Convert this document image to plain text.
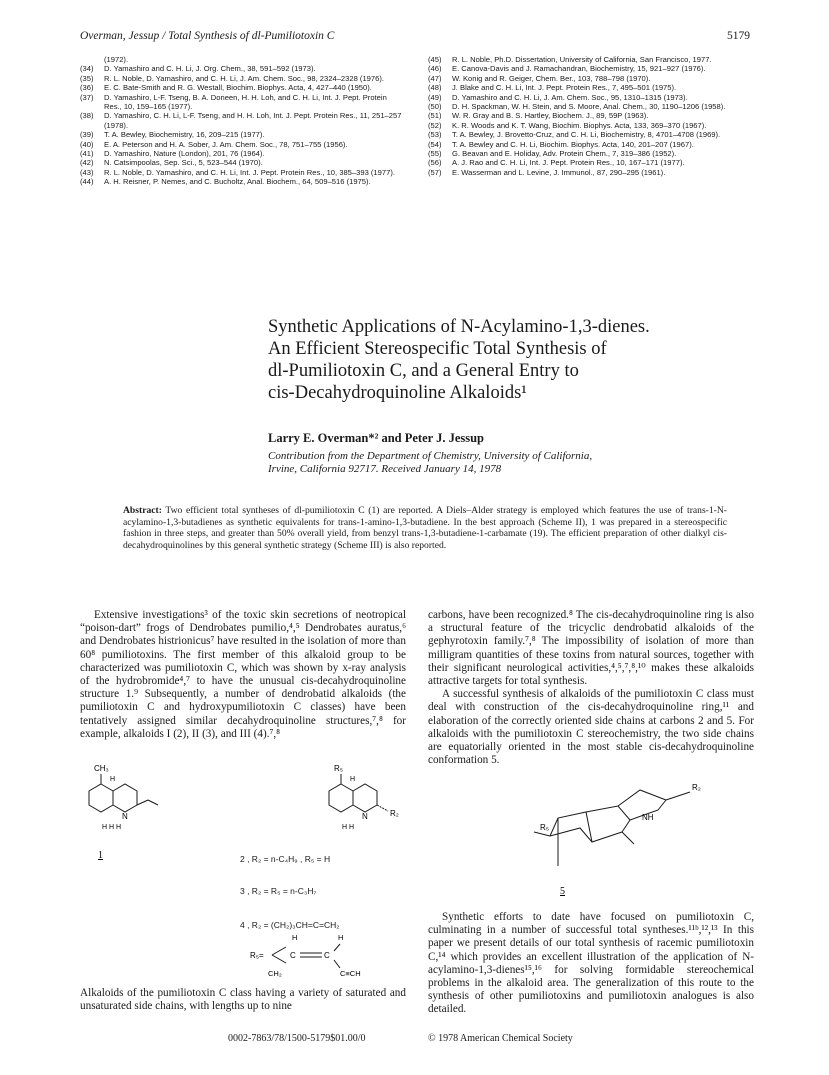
Overman, Jessup / Total Synthesis of dl-Pumiliotoxin C	5179
(1972).
(34)	D. Yamashiro and C. H. Li, J. Org. Chem., 38, 591–592 (1973).
(35)	R. L. Noble, D. Yamashiro, and C. H. Li, J. Am. Chem. Soc., 98, 2324–2328 (1976).
(36)	E. C. Bate-Smith and R. G. Westall, Biochim. Biophys. Acta, 4, 427–440 (1950).
(37)	D. Yamashiro, L-F. Tseng, B. A. Doneen, H. H. Loh, and C. H. Li, Int. J. Pept. Protein Res., 10, 159–165 (1977).
(38)	D. Yamashiro, C. H. Li, L-F. Tseng, and H. H. Loh, Int. J. Pept. Protein Res., 11, 251–257 (1978).
(39)	T. A. Bewley, Biochemistry, 16, 209–215 (1977).
(40)	E. A. Peterson and H. A. Sober, J. Am. Chem. Soc., 78, 751–755 (1956).
(41)	D. Yamashiro, Nature (London), 201, 76 (1964).
(42)	N. Catsimpoolas, Sep. Sci., 5, 523–544 (1970).
(43)	R. L. Noble, D. Yamashiro, and C. H. Li, Int. J. Pept. Protein Res., 10, 385–393 (1977).
(44)	A. H. Reisner, P. Nemes, and C. Bucholtz, Anal. Biochem., 64, 509–516 (1975).
(45)	R. L. Noble, Ph.D. Dissertation, University of California, San Francisco, 1977.
(46)	E. Canova-Davis and J. Ramachandran, Biochemistry, 15, 921–927 (1976).
(47)	W. Konig and R. Geiger, Chem. Ber., 103, 788–798 (1970).
(48)	J. Blake and C. H. Li, Int. J. Pept. Protein Res., 7, 495–501 (1975).
(49)	D. Yamashiro and C. H. Li, J. Am. Chem. Soc., 95, 1310–1315 (1973).
(50)	D. H. Spackman, W. H. Stein, and S. Moore, Anal. Chem., 30, 1190–1206 (1958).
(51)	W. R. Gray and B. S. Hartley, Biochem. J., 89, 59P (1963).
(52)	K. R. Woods and K. T. Wang, Biochim. Biophys. Acta, 133, 369–370 (1967).
(53)	T. A. Bewley, J. Brovetto-Cruz, and C. H. Li, Biochemistry, 8, 4701–4708 (1969).
(54)	T. A. Bewley and C. H. Li, Biochim. Biophys. Acta, 140, 201–207 (1967).
(55)	G. Beavan and E. Holiday, Adv. Protein Chem., 7, 319–386 (1952).
(56)	A. J. Rao and C. H. Li, Int. J. Pept. Protein Res., 10, 167–171 (1977).
(57)	E. Wasserman and L. Levine, J. Immunol., 87, 290–295 (1961).
Synthetic Applications of N-Acylamino-1,3-dienes.
An Efficient Stereospecific Total Synthesis of
dl-Pumiliotoxin C, and a General Entry to
cis-Decahydroquinoline Alkaloids¹
Larry E. Overman*² and Peter J. Jessup
Contribution from the Department of Chemistry, University of California,
Irvine, California 92717. Received January 14, 1978
Abstract: Two efficient total syntheses of dl-pumiliotoxin C (1) are reported. A Diels–Alder strategy is employed which features the use of trans-1-N-acylamino-1,3-butadienes as synthetic equivalents for trans-1-amino-1,3-butadiene. In the best approach (Scheme II), 1 was prepared in a stereospecific fashion in three steps, and greater than 50% overall yield, from benzyl trans-1,3-butadiene-1-carbamate (19). The efficient preparation of other dialkyl cis-decahydroquinolines by this general synthetic strategy (Scheme III) is also reported.

Extensive investigations³ of the toxic skin secretions of neotropical “poison-dart” frogs of Dendrobates pumilio,⁴,⁵ Dendrobates auratus,⁶ and Dendrobates histrionicus⁷ have resulted in the isolation of more than 60⁸ pumiliotoxins. The first member of this alkaloid group to be characterized was pumiliotoxin C, which was shown by x-ray analysis of the hydrobromide⁴,⁷ to have the unusual cis-decahydroquinoline structure 1.⁹ Subsequently, a number of dendrobatid alkaloids (the pumiliotoxin C and hydroxypumiliotoxin C classes) have been tentatively assigned similar decahydroquinoline structures,⁷,⁸ for example, alkaloids I (2), II (3), and III (4).⁷,⁸

carbons, have been recognized.⁸ The cis-decahydroquinoline ring is also a structural feature of the tricyclic dendrobatid alkaloids of the gephyrotoxin family.⁷,⁸ The impossibility of isolation of more than milligram quantities of these toxins from natural sources, together with their significant neurological activities,⁴,⁵,⁷,⁸,¹⁰ makes these alkaloids attractive targets for total synthesis.

A successful synthesis of alkaloids of the pumiliotoxin C class must deal with construction of the cis-decahydroquinoline ring,¹¹ and elaboration of the correctly oriented side chains at carbons 2 and 5. For alkaloids with the pumiliotoxin C stereochemistry, the two side chains are equatorially oriented in the most stable cis-decahydroquinoline conformation 5.

CH₃
H
N
H H H
1
R₅
H
N	R₂
H H
R₂
NH
R₅
5
2 , R₂ = n-C₄H₉ , R₅ = H
3 , R₂ = R₅ = n-C₃H₇
4 , R₂ = (CH₂)₃CH=C=CH₂
H	H
R₅=	C	C
CH₂	C≡CH

Alkaloids of the pumiliotoxin C class having a variety of saturated and unsaturated side chains, with lengths up to nine

Synthetic efforts to date have focused on pumiliotoxin C, culminating in a number of successful total syntheses.¹¹ᵇ,¹²,¹³ In this paper we present details of our total synthesis of racemic pumiliotoxin C,¹⁴ which provides an excellent illustration of the application of N-acylamino-1,3-dienes¹⁵,¹⁶ for solving formidable stereochemical problems in the alkaloid area. The generalization of this route to the synthesis of other pumiliotoxins and pumiliotoxin analogues is also detailed.

0002-7863/78/1500-5179$01.00/0	© 1978 American Chemical Society
